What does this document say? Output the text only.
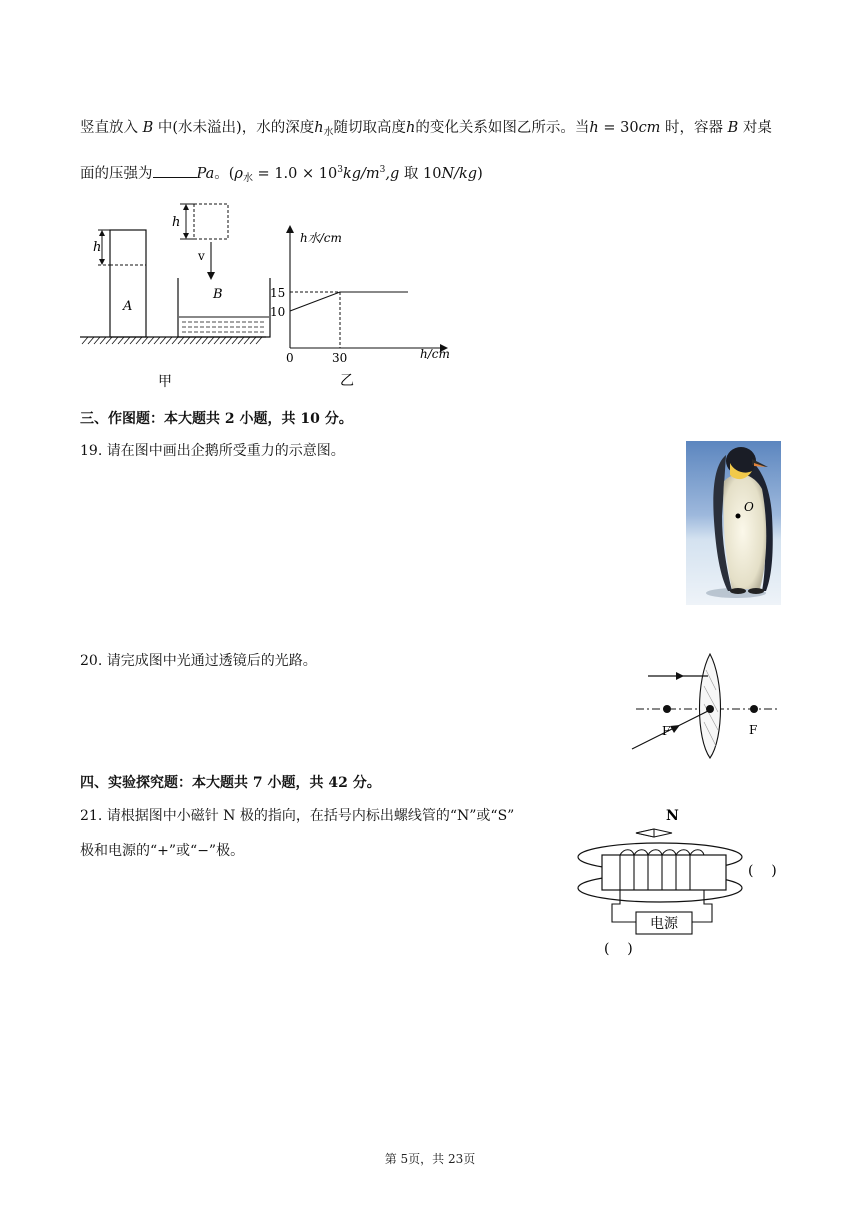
竖直放入 B 中(水未溢出)，水的深度$h_水$随切取高度h的变化关系如图乙所示。当h = 30cm 时，容器 B 对桌
面的压强为	Pa。($\rho_水 = 1.0 \times 10^3kg/m^3,g$ 取 10N/kg)
h
A
h
v
B
甲
h水/cm
h/cm
15
10
0	30
乙
三、作图题：本大题共 2 小题，共 10 分。
19. 请在图中画出企鹅所受重力的示意图。
O
20. 请完成图中光通过透镜后的光路。
F	F
四、实验探究题：本大题共 7 小题，共 42 分。
21. 请根据图中小磁针 N 极的指向，在括号内标出螺线管的“N”或“S”
极和电源的“+”或“−”极。
N
电源
(    )
(    )
第 5页，共 23页
